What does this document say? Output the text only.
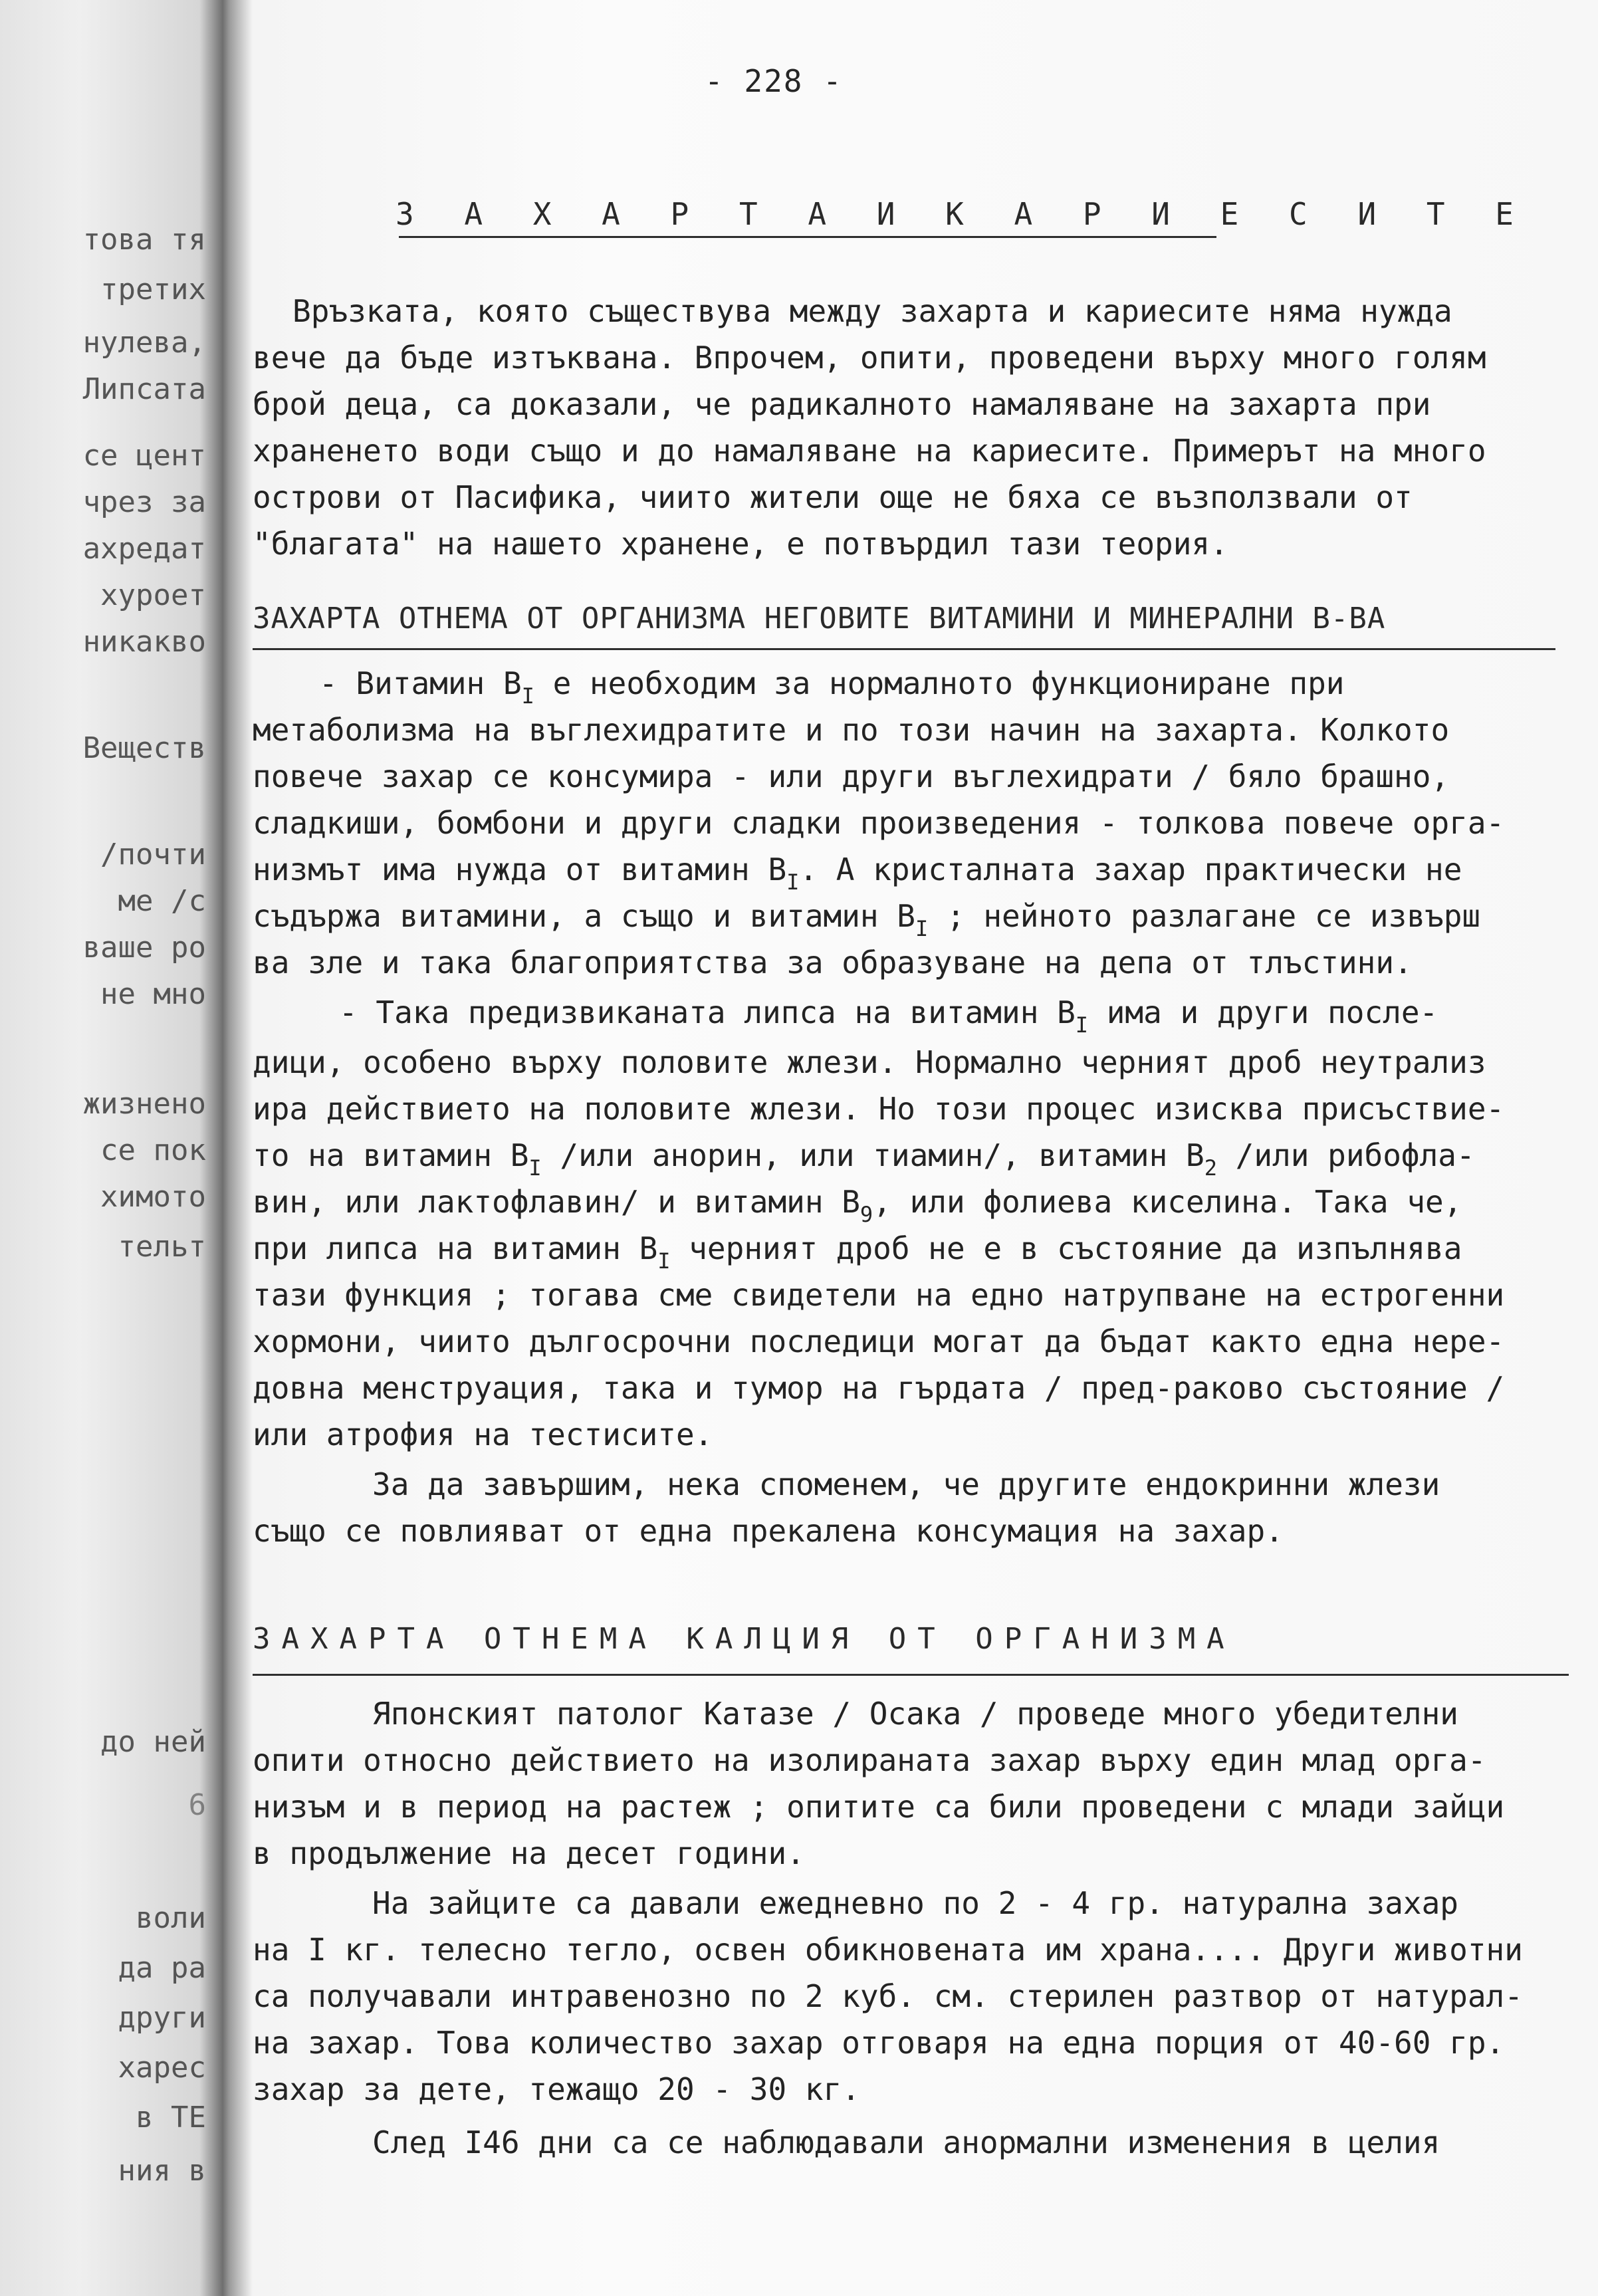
това тя
третих
нулева,
Липсата
се цент
чрез за
ахредат
хуроет
никакво
Веществ
/почти
ме /с
ваше ро
не мно
жизнено
се пок
химото
тельт
до ней
6
воли
да ра
други
харес
в ТЕ
ния в
- 228 -
З А Х А Р Т А И К А Р И Е С И Т Е
Връзката, която съществува между захарта и кариесите няма нужда
вече да бъде изтъквана. Впрочем, опити, проведени върху много голям
брой деца, са доказали, че радикалното намаляване на захарта при
храненето води също и до намаляване на кариесите. Примерът на много
острови от Пасифика, чиито жители още не бяха се възползвали от
"благата" на нашето хранене, е потвърдил тази теория.
ЗАХАРТА ОТНЕМА ОТ ОРГАНИЗМА НЕГОВИТЕ ВИТАМИНИ И МИНЕРАЛНИ В-ВА
- Витамин $В_I$ е необходим за нормалното функциониране при
метаболизма на въглехидратите и по този начин на захарта. Колкото
повече захар се консумира - или други въглехидрати / бяло брашно,
сладкиши, бомбони и други сладки произведения - толкова повече орга-
низмът има нужда от витамин $В_I$. А кристалната захар практически не
съдържа витамини, а също и витамин $В_I$ ; нейното разлагане се извърш
ва зле и така благоприятства за образуване на депа от тлъстини.
- Така предизвиканата липса на витамин $В_I$ има и други после-
дици, особено върху половите жлези. Нормално черният дроб неутрализ
ира действието на половите жлези. Но този процес изисква присъствие-
то на витамин $В_I$ /или анорин, или тиамин/, витамин $В_2$ /или рибофла-
вин, или лактофлавин/ и витамин $В_9$, или фолиева киселина. Така че,
при липса на витамин $В_I$ черният дроб не е в състояние да изпълнява
тази функция ; тогава сме свидетели на едно натрупване на естрогенни
хормони, чиито дългосрочни последици могат да бъдат както една нере-
довна менструация, така и тумор на гърдата / пред-раково състояние /
или атрофия на тестисите.
За да завършим, нека споменем, че другите ендокринни жлези
също се повлияват от една прекалена консумация на захар.
ЗАХАРТА ОТНЕМА КАЛЦИЯ ОТ ОРГАНИЗМА
Японският патолог Катазе / Осака / проведе много убедителни
опити относно действието на изолираната захар върху един млад орга-
низъм и в период на растеж ; опитите са били проведени с млади зайци
в продължение на десет години.
На зайците са давали ежедневно по 2 - 4 гр. натурална захар
на I кг. телесно тегло, освен обикновената им храна.... Други животни
са получавали интравенозно по 2 куб. см. стерилен разтвор от натурал-
на захар. Това количество захар отговаря на една порция от 40-60 гр.
захар за дете, тежащо 20 - 30 кг.
След I46 дни са се наблюдавали анормални изменения в целия
